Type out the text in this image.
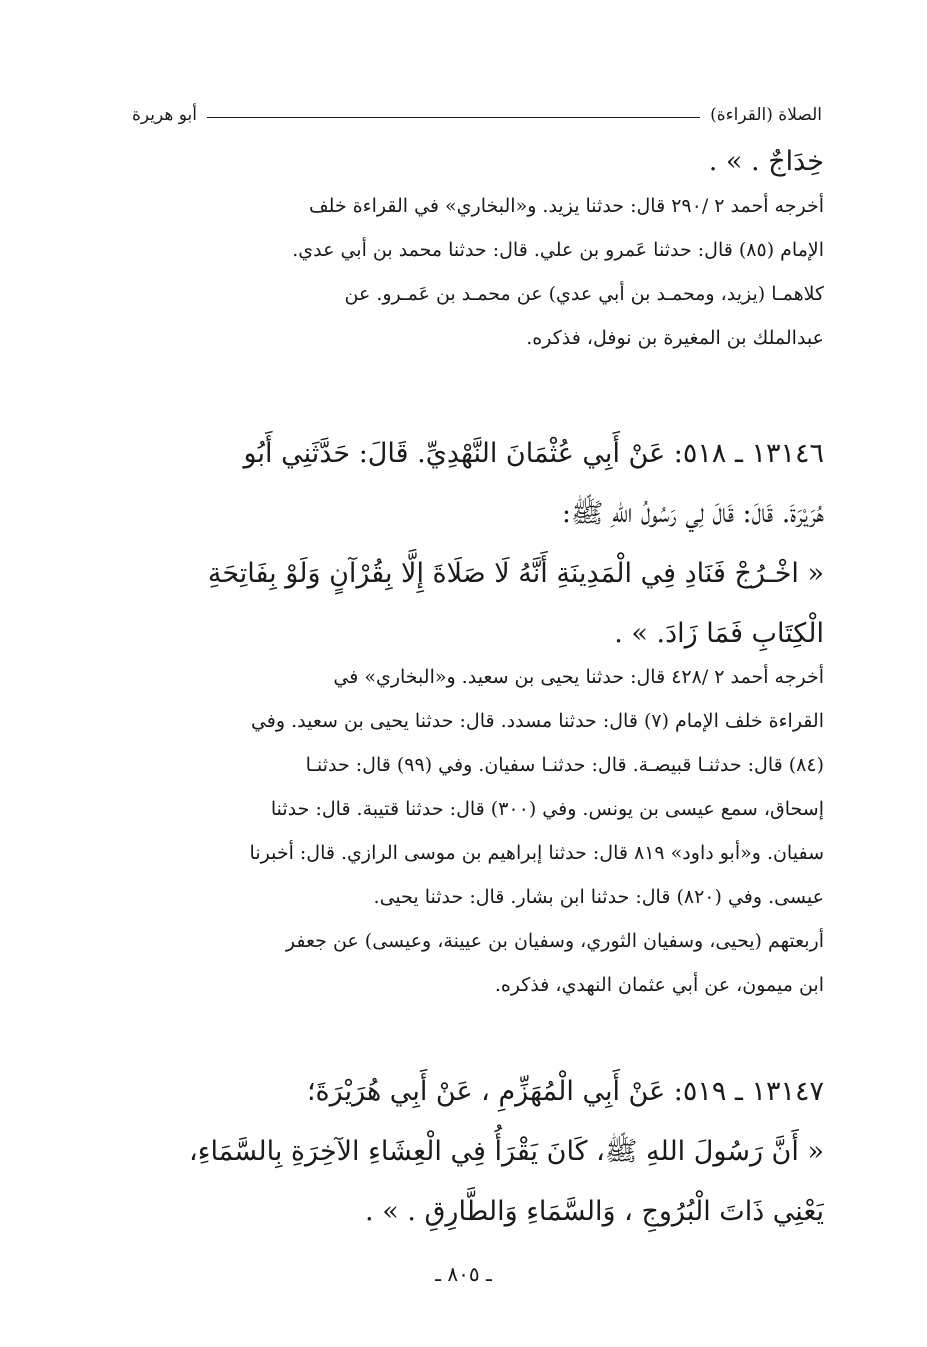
الصلاة (القراءة)
أبو هريرة
خِدَاجٌ . » .
أخرجه أحمد ٢ /٢٩٠ قال: حدثنا يزيد. و«البخاري» في القراءة خلف
الإمام (٨٥) قال: حدثنا عَمرو بن علي. قال: حدثنا محمد بن أبي عدي.
كلاهمـا (يزيد، ومحمـد بن أبي عدي) عن محمـد بن عَمـرو. عن
عبدالملك بن المغيرة بن نوفل، فذكره.
١٣١٤٦ ـ ٥١٨: عَنْ أَبِي عُثْمَانَ النَّهْدِيِّ. قَالَ: حَدَّثَنِي أَبُو
هُرَيْرَةَ. قَالَ: قَالَ لِي رَسُولُ اللهِ ﷺ:
« اخْـرُجْ فَنَادِ فِي الْمَدِينَةِ أَنَّهُ لَا صَلَاةَ إِلَّا بِقُرْآنٍ وَلَوْ بِفَاتِحَةِ
الْكِتَابِ فَمَا زَادَ. » .
أخرجه أحمد ٢ /٤٢٨ قال: حدثنا يحيى بن سعيد. و«البخاري» في
القراءة خلف الإمام (٧) قال: حدثنا مسدد. قال: حدثنا يحيى بن سعيد. وفي
(٨٤) قال: حدثنـا قبيصـة. قال: حدثنـا سفيان. وفي (٩٩) قال: حدثنـا
إسحاق، سمع عيسى بن يونس. وفي (٣٠٠) قال: حدثنا قتيبة. قال: حدثنا
سفيان. و«أبو داود» ٨١٩ قال: حدثنا إبراهيم بن موسى الرازي. قال: أخبرنا
عيسى. وفي (٨٢٠) قال: حدثنا ابن بشار. قال: حدثنا يحيى.
أربعتهم (يحيى، وسفيان الثوري، وسفيان بن عيينة، وعيسى) عن جعفر
ابن ميمون، عن أبي عثمان النهدي، فذكره.
١٣١٤٧ ـ ٥١٩: عَنْ أَبِي الْمُهَزِّمِ ، عَنْ أَبِي هُرَيْرَةَ؛
« أَنَّ رَسُولَ اللهِ ﷺ، كَانَ يَقْرَأُ فِي الْعِشَاءِ الآخِرَةِ بِالسَّمَاءِ،
يَعْنِي ذَاتَ الْبُرُوجِ ، وَالسَّمَاءِ وَالطَّارِقِ . » .
ـ ٨٠٥ ـ
